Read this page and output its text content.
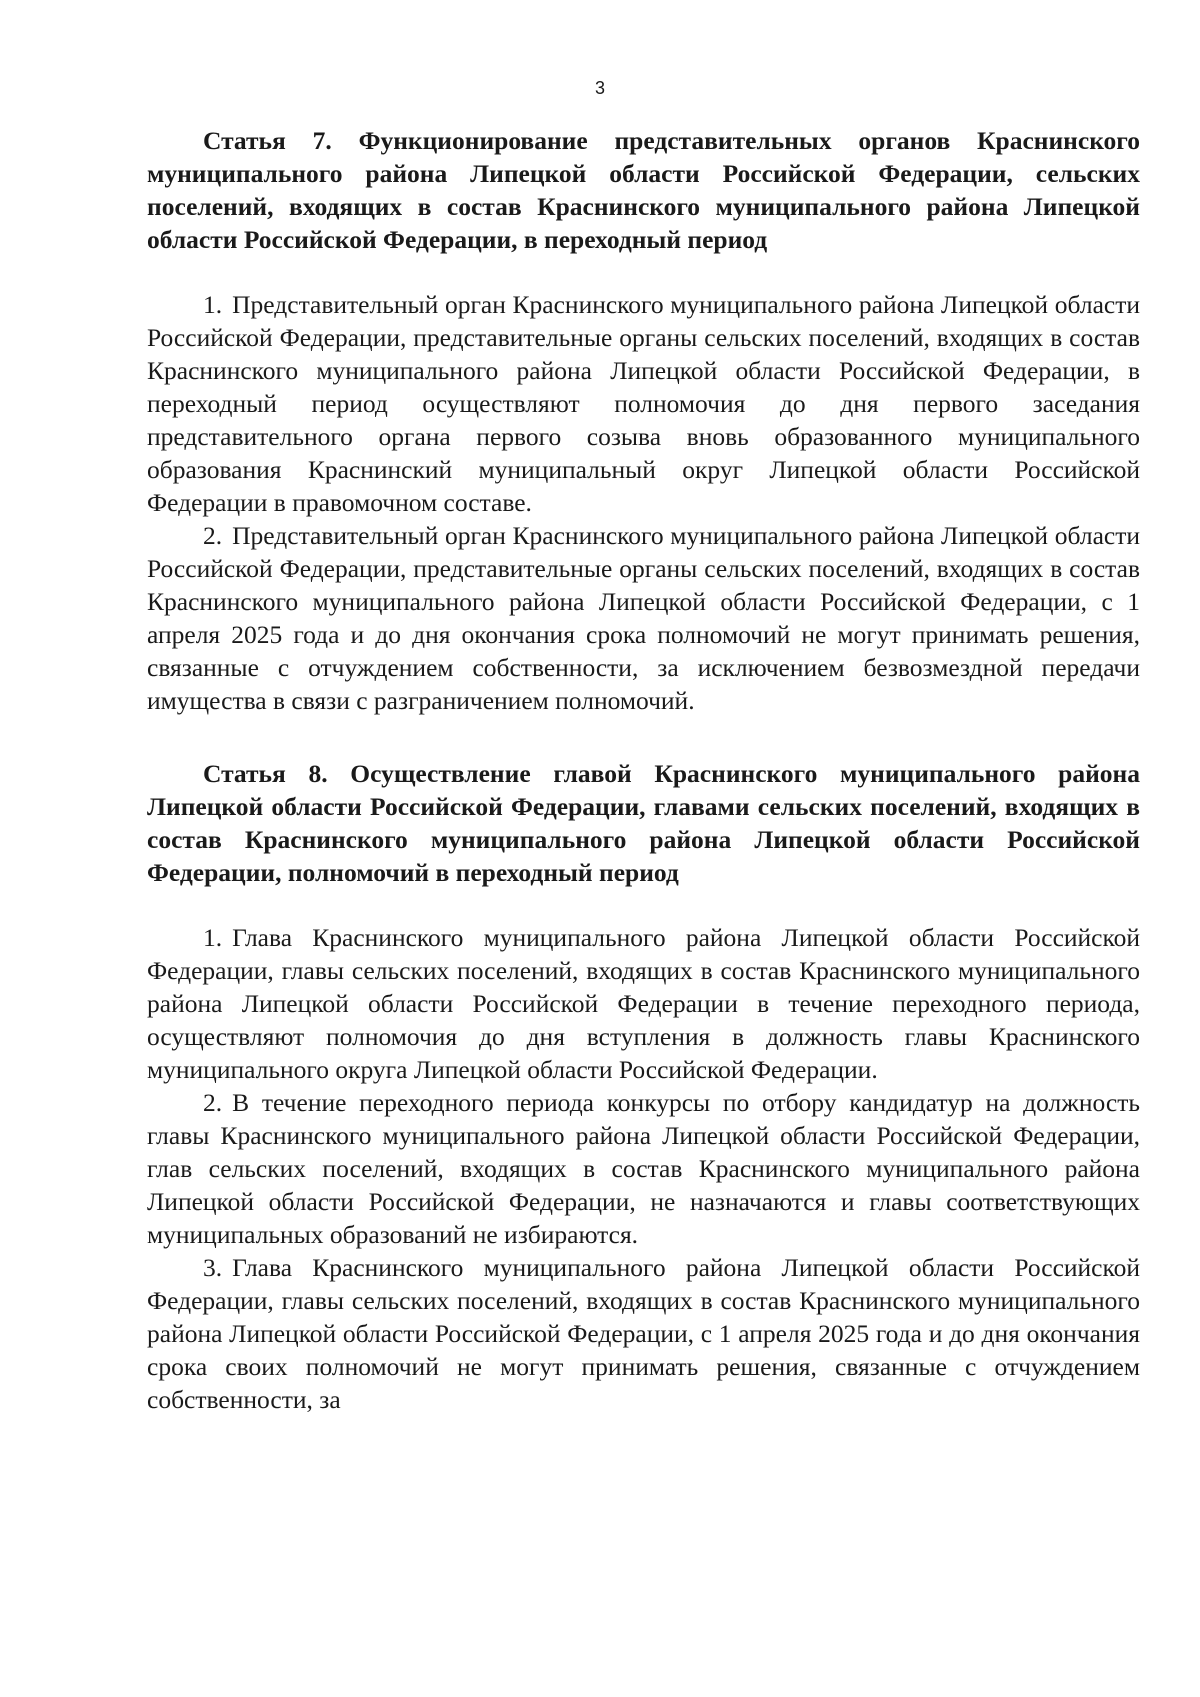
3

Статья 7. Функционирование представительных органов Краснинского муниципального района Липецкой области Российской Федерации, сельских поселений, входящих в состав Краснинского муниципального района Липецкой области Российской Федерации, в переходный период

1. Представительный орган Краснинского муниципального района Липецкой области Российской Федерации, представительные органы сельских поселений, входящих в состав Краснинского муниципального района Липецкой области Российской Федерации, в переходный период осуществляют полномочия до дня первого заседания представительного органа первого созыва вновь образованного муниципального образования Краснинский муниципальный округ Липецкой области Российской Федерации в правомочном составе.

2. Представительный орган Краснинского муниципального района Липецкой области Российской Федерации, представительные органы сельских поселений, входящих в состав Краснинского муниципального района Липецкой области Российской Федерации, с 1 апреля 2025 года и до дня окончания срока полномочий не могут принимать решения, связанные с отчуждением собственности, за исключением безвозмездной передачи имущества в связи с разграничением полномочий.

Статья 8. Осуществление главой Краснинского муниципального района Липецкой области Российской Федерации, главами сельских поселений, входящих в состав Краснинского муниципального района Липецкой области Российской Федерации, полномочий в переходный период

1. Глава Краснинского муниципального района Липецкой области Российской Федерации, главы сельских поселений, входящих в состав Краснинского муниципального района Липецкой области Российской Федерации в течение переходного периода, осуществляют полномочия до дня вступления в должность главы Краснинского муниципального округа Липецкой области Российской Федерации.

2. В течение переходного периода конкурсы по отбору кандидатур на должность главы Краснинского муниципального района Липецкой области Российской Федерации, глав сельских поселений, входящих в состав Краснинского муниципального района Липецкой области Российской Федерации, не назначаются и главы соответствующих муниципальных образований не избираются.

3. Глава Краснинского муниципального района Липецкой области Российской Федерации, главы сельских поселений, входящих в состав Краснинского муниципального района Липецкой области Российской Федерации, с 1 апреля 2025 года и до дня окончания срока своих полномочий не могут принимать решения, связанные с отчуждением собственности, за
